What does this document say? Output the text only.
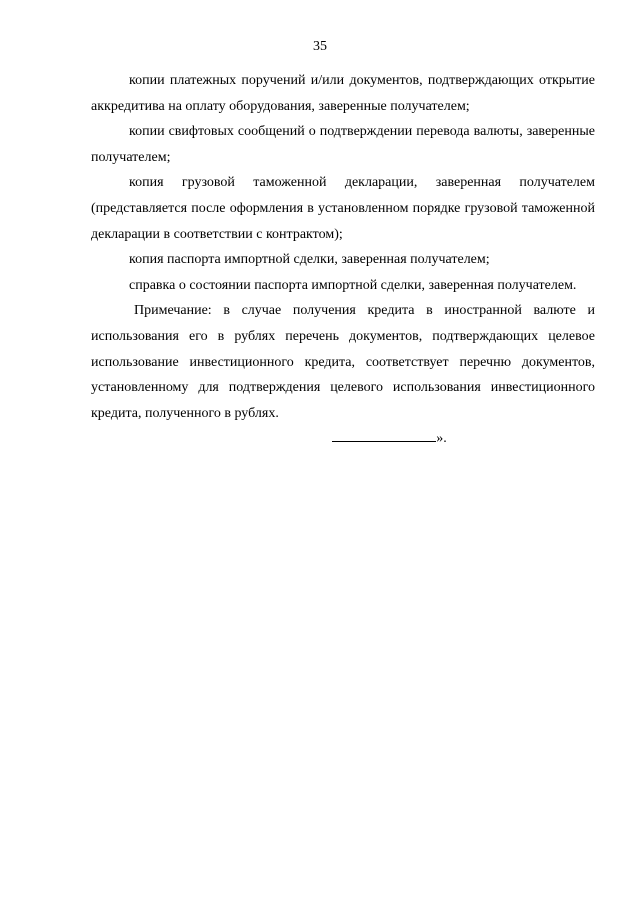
35

копии платежных поручений и/или документов, подтверждающих открытие аккредитива на оплату оборудования, заверенные получателем;

копии свифтовых сообщений о подтверждении перевода валюты, заверенные получателем;

копия грузовой таможенной декларации, заверенная получателем (представляется после оформления в установленном порядке грузовой таможенной декларации в соответствии с контрактом);

копия паспорта импортной сделки, заверенная получателем;

справка о состоянии паспорта импортной сделки, заверенная получателем.

Примечание: в случае получения кредита в иностранной валюте и использования его в рублях перечень документов, подтверждающих целевое использование инвестиционного кредита, соответствует перечню документов, установленному для подтверждения целевого использования инвестиционного кредита, полученного в рублях.

».
